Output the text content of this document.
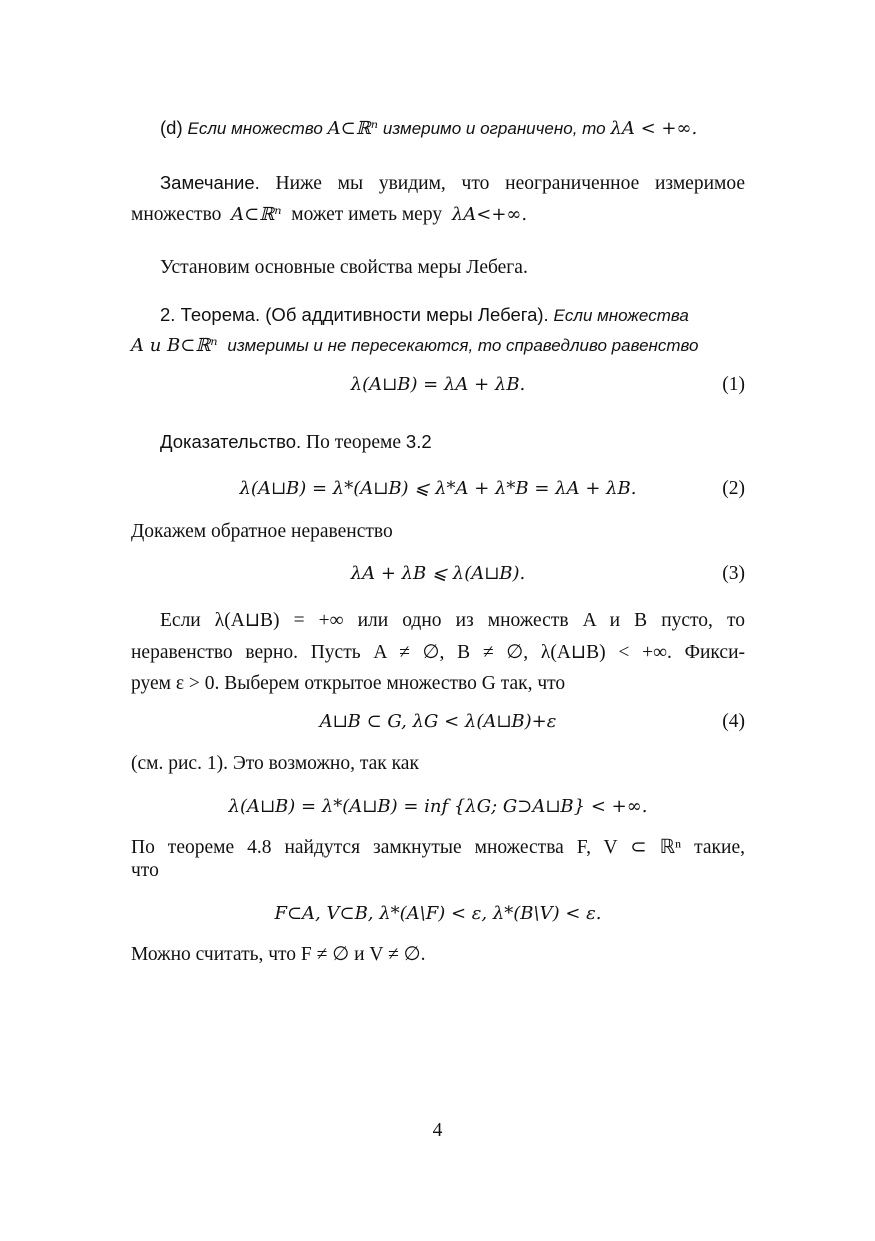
(d) Если множество A⊂ℝⁿ измеримо и ограничено, то λA < +∞.
Замечание. Ниже мы увидим, что неограниченное измеримое
множество A⊂ℝⁿ может иметь меру λA<+∞.
Установим основные свойства меры Лебега.
2. Теорема. (Об аддитивности меры Лебега). Если множества
A и B⊂ℝⁿ измеримы и не пересекаются, то справедливо равенство
λ(A⊔B) = λA + λB.	(1)
Доказательство. По теореме 3.2
λ(A⊔B) = λ*(A⊔B) ⩽ λ*A + λ*B = λA + λB.	(2)
Докажем обратное неравенство
λA + λB ⩽ λ(A⊔B).	(3)
Если λ(A⊔B) = +∞ или одно из множеств A и B пусто, то
неравенство верно. Пусть A ≠ ∅, B ≠ ∅, λ(A⊔B) < +∞. Фикси-
руем ε > 0. Выберем открытое множество G так, что
A⊔B ⊂ G, λG < λ(A⊔B)+ε	(4)
(см. рис. 1). Это возможно, так как
λ(A⊔B) = λ*(A⊔B) = inf {λG; G⊃A⊔B} < +∞.
По теореме 4.8 найдутся замкнутые множества F, V ⊂ ℝⁿ такие,
что
F⊂A, V⊂B, λ*(A\F) < ε, λ*(B\V) < ε.
Можно считать, что F ≠ ∅ и V ≠ ∅.
4
